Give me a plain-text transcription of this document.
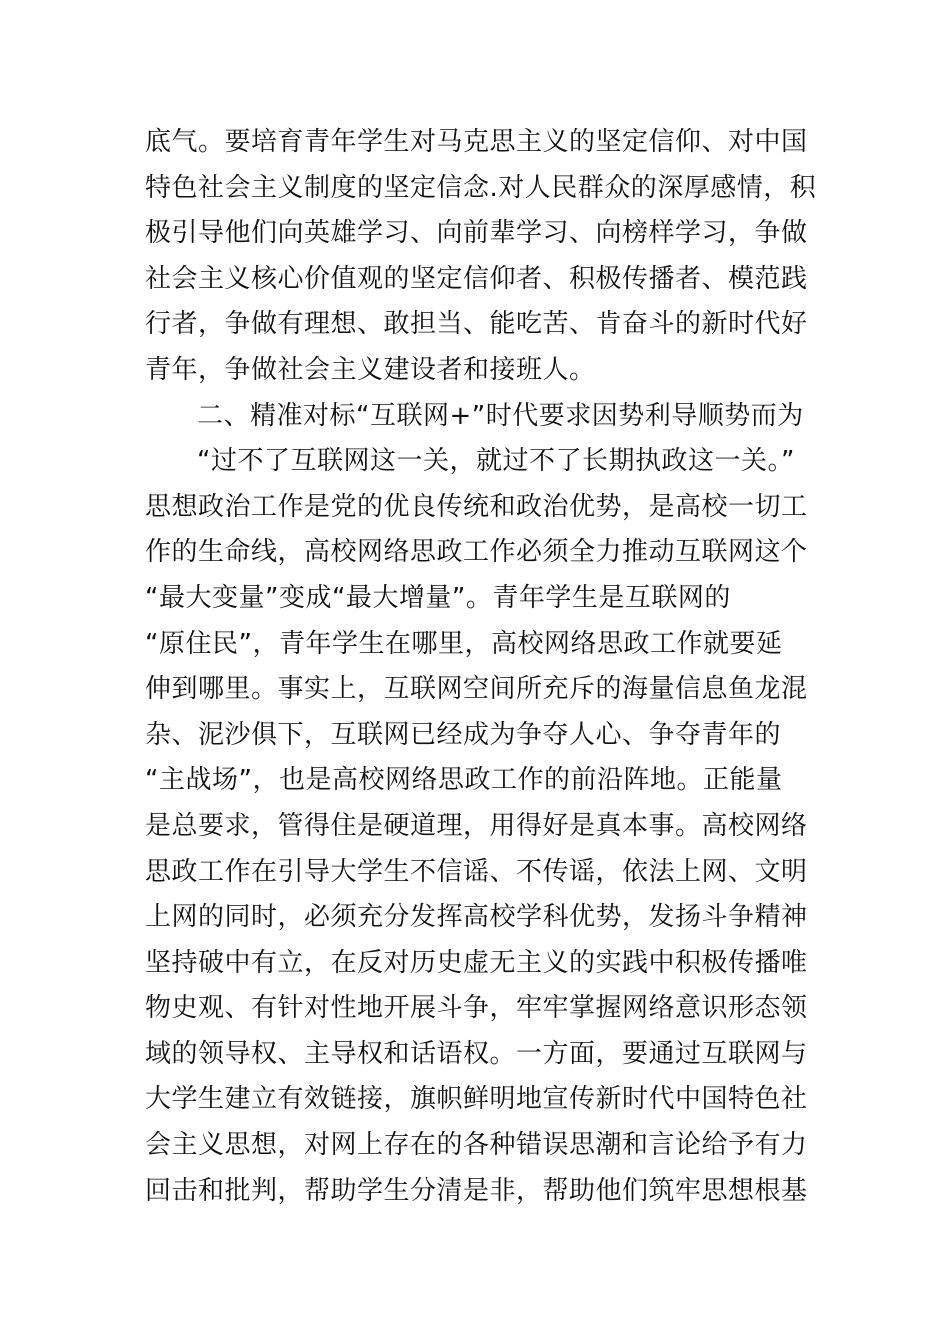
底气。要培育青年学生对马克思主义的坚定信仰、对中国
特色社会主义制度的坚定信念.对人民群众的深厚感情，积
极引导他们向英雄学习、向前辈学习、向榜样学习，争做
社会主义核心价值观的坚定信仰者、积极传播者、模范践
行者，争做有理想、敢担当、能吃苦、肯奋斗的新时代好
青年，争做社会主义建设者和接班人。
二、精准对标“互联网+”时代要求因势利导顺势而为
“过不了互联网这一关，就过不了长期执政这一关。”
思想政治工作是党的优良传统和政治优势，是高校一切工
作的生命线，高校网络思政工作必须全力推动互联网这个
“最大变量”变成“最大增量”。青年学生是互联网的
“原住民”，青年学生在哪里，高校网络思政工作就要延
伸到哪里。事实上，互联网空间所充斥的海量信息鱼龙混
杂、泥沙俱下，互联网已经成为争夺人心、争夺青年的
“主战场”，也是高校网络思政工作的前沿阵地。正能量
是总要求，管得住是硬道理，用得好是真本事。高校网络
思政工作在引导大学生不信谣、不传谣，依法上网、文明
上网的同时，必须充分发挥高校学科优势，发扬斗争精神
坚持破中有立，在反对历史虚无主义的实践中积极传播唯
物史观、有针对性地开展斗争，牢牢掌握网络意识形态领
域的领导权、主导权和话语权。一方面，要通过互联网与
大学生建立有效链接，旗帜鲜明地宣传新时代中国特色社
会主义思想，对网上存在的各种错误思潮和言论给予有力
回击和批判，帮助学生分清是非，帮助他们筑牢思想根基
